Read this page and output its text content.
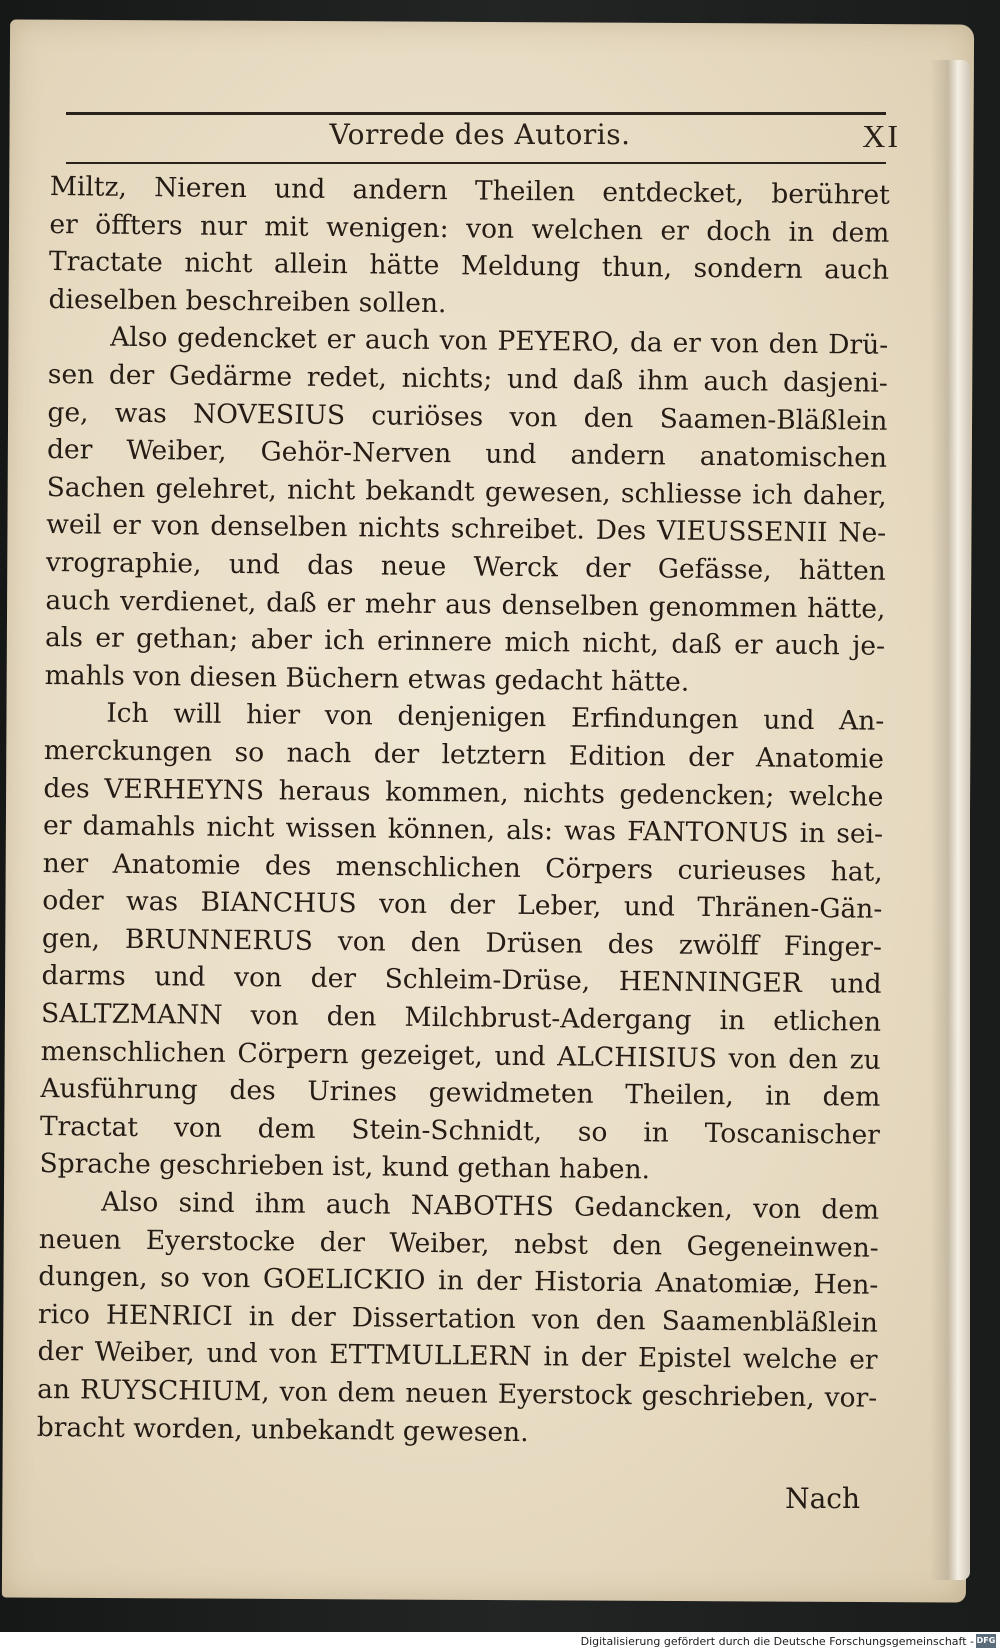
Vorrede des Autoris.	XI
Miltz, Nieren und andern Theilen entdecket, berühret
er öffters nur mit wenigen: von welchen er doch in dem
Tractate nicht allein hätte Meldung thun, sondern auch
dieselben beschreiben sollen.
Also gedencket er auch von PEYERO, da er von den Drü-
sen der Gedärme redet, nichts; und daß ihm auch dasjeni-
ge, was NOVESIUS curiöses von den Saamen-Bläßlein
der Weiber, Gehör-Nerven und andern anatomischen
Sachen gelehret, nicht bekandt gewesen, schliesse ich daher,
weil er von denselben nichts schreibet. Des VIEUSSENII Ne-
vrographie, und das neue Werck der Gefässe, hätten
auch verdienet, daß er mehr aus denselben genommen hätte,
als er gethan; aber ich erinnere mich nicht, daß er auch je-
mahls von diesen Büchern etwas gedacht hätte.
Ich will hier von denjenigen Erfindungen und An-
merckungen so nach der letztern Edition der Anatomie
des VERHEYNS heraus kommen, nichts gedencken; welche
er damahls nicht wissen können, als: was FANTONUS in sei-
ner Anatomie des menschlichen Cörpers curieuses hat,
oder was BIANCHUS von der Leber, und Thränen-Gän-
gen, BRUNNERUS von den Drüsen des zwölff Finger-
darms und von der Schleim-Drüse, HENNINGER und
SALTZMANN von den Milchbrust-Adergang in etlichen
menschlichen Cörpern gezeiget, und ALCHISIUS von den zu
Ausführung des Urines gewidmeten Theilen, in dem
Tractat von dem Stein-Schnidt, so in Toscanischer
Sprache geschrieben ist, kund gethan haben.
Also sind ihm auch NABOTHS Gedancken, von dem
neuen Eyerstocke der Weiber, nebst den Gegeneinwen-
dungen, so von GOELICKIO in der Historia Anatomiæ, Hen-
rico HENRICI in der Dissertation von den Saamenbläßlein
der Weiber, und von ETTMULLERN in der Epistel welche er
an RUYSCHIUM, von dem neuen Eyerstock geschrieben, vor-
bracht worden, unbekandt gewesen.
Nach
Digitalisierung gefördert durch die Deutsche Forschungsgemeinschaft - DFG
